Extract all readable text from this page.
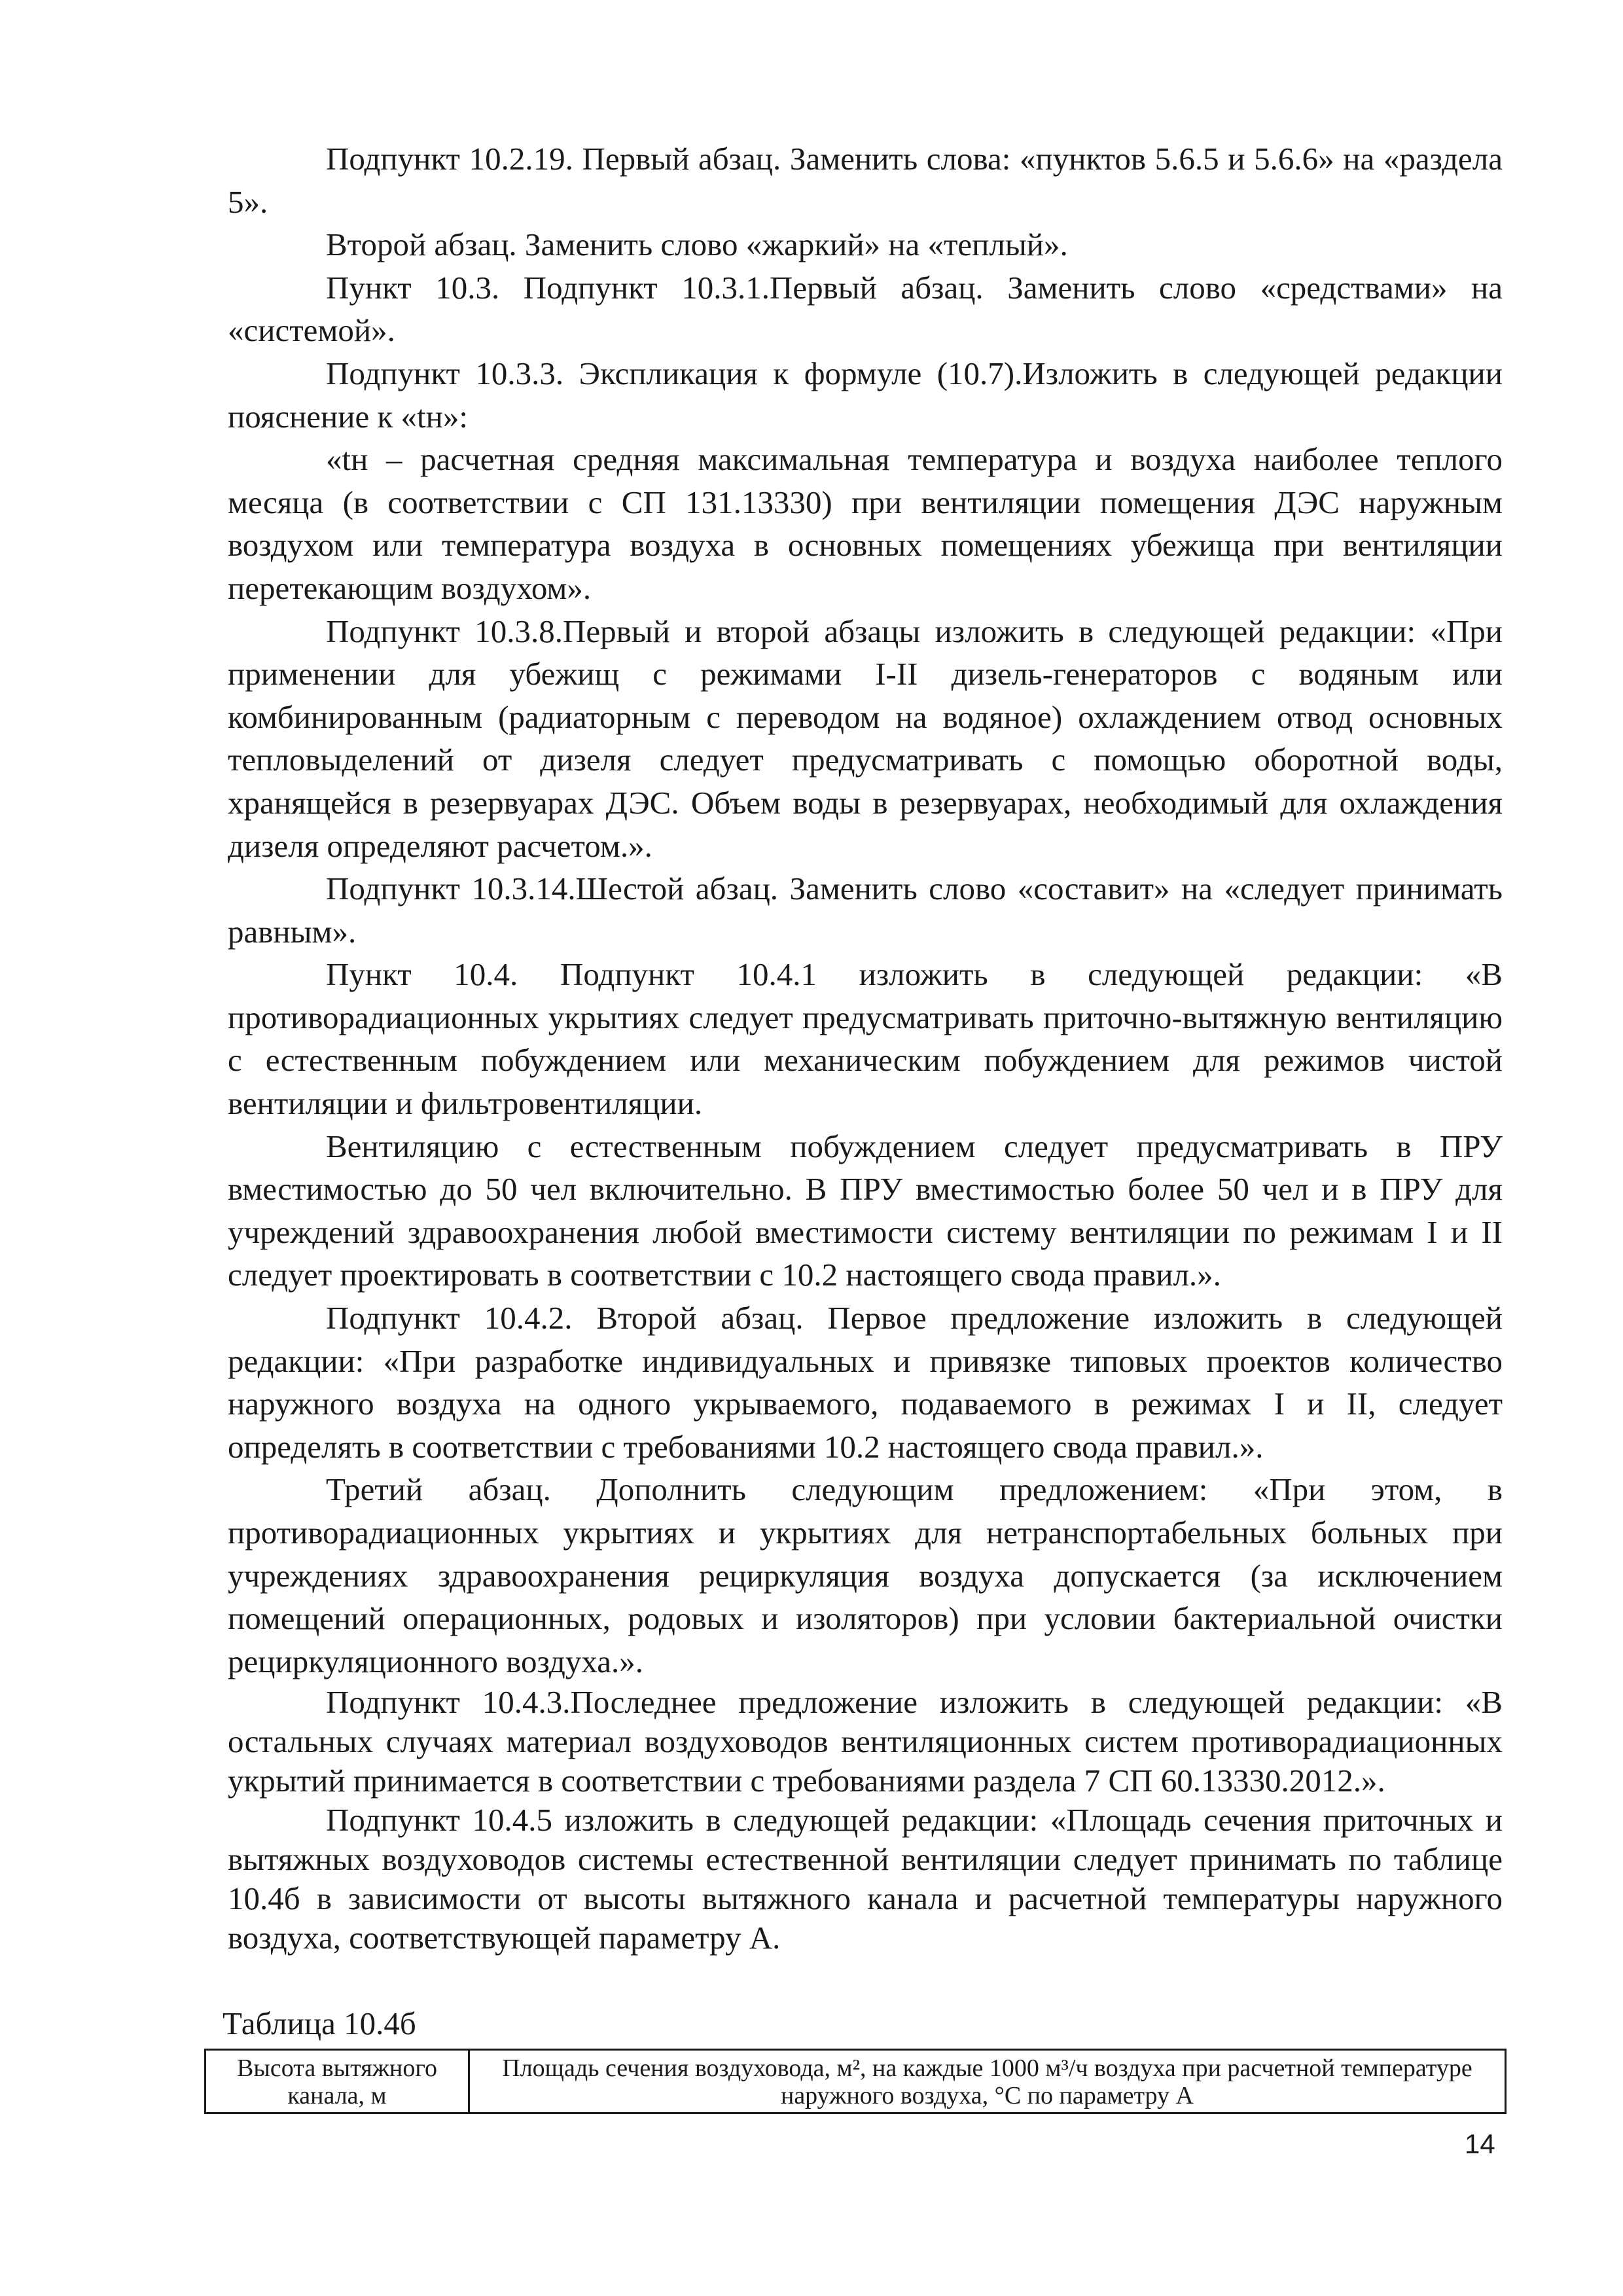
Подпункт 10.2.19. Первый абзац. Заменить слова: «пунктов 5.6.5 и 5.6.6» на «раздела 5».

Второй абзац. Заменить слово «жаркий» на «теплый».

Пункт 10.3. Подпункт 10.3.1.Первый абзац. Заменить слово «средствами» на «системой».

Подпункт 10.3.3. Экспликация к формуле (10.7).Изложить в следующей редакции пояснение к «tн»:

«tн – расчетная средняя максимальная температура и воздуха наиболее теплого месяца (в соответствии с СП 131.13330) при вентиляции помещения ДЭС наружным воздухом или температура воздуха в основных помещениях убежища при вентиляции перетекающим воздухом».

Подпункт 10.3.8.Первый и второй абзацы изложить в следующей редакции: «При применении для убежищ с режимами I-II дизель-генераторов с водяным или комбинированным (радиаторным с переводом на водяное) охлаждением отвод основных тепловыделений от дизеля следует предусматривать с помощью оборотной воды, хранящейся в резервуарах ДЭС. Объем воды в резервуарах, необходимый для охлаждения дизеля определяют расчетом.».

Подпункт 10.3.14.Шестой абзац. Заменить слово «составит» на «следует принимать равным».

Пункт 10.4. Подпункт 10.4.1 изложить в следующей редакции: «В противорадиационных укрытиях следует предусматривать приточно-вытяжную вентиляцию с естественным побуждением или механическим побуждением для режимов чистой вентиляции и фильтровентиляции.

Вентиляцию с естественным побуждением следует предусматривать в ПРУ вместимостью до 50 чел включительно. В ПРУ вместимостью более 50 чел и в ПРУ для учреждений здравоохранения любой вместимости систему вентиляции по режимам I и II следует проектировать в соответствии с 10.2 настоящего свода правил.».

Подпункт 10.4.2. Второй абзац. Первое предложение изложить в следующей редакции: «При разработке индивидуальных и привязке типовых проектов количество наружного воздуха на одного укрываемого, подаваемого в режимах I и II, следует определять в соответствии с требованиями 10.2 настоящего свода правил.».

Третий абзац. Дополнить следующим предложением: «При этом, в противорадиационных укрытиях и укрытиях для нетранспортабельных больных при учреждениях здравоохранения рециркуляция воздуха допускается (за исключением помещений операционных, родовых и изоляторов) при условии бактериальной очистки рециркуляционного воздуха.».

Подпункт 10.4.3.Последнее предложение изложить в следующей редакции: «В остальных случаях материал воздуховодов вентиляционных систем противорадиационных укрытий принимается в соответствии с требованиями раздела 7 СП 60.13330.2012.».

Подпункт 10.4.5 изложить в следующей редакции: «Площадь сечения приточных и вытяжных воздуховодов системы естественной вентиляции следует принимать по таблице 10.4б в зависимости от высоты вытяжного канала и расчетной температуры наружного воздуха, соответствующей параметру А.

Таблица 10.4б
Высота вытяжного канала, м	Площадь сечения воздуховода, м², на каждые 1000 м³/ч воздуха при расчетной температуре наружного воздуха, °С по параметру А
14
